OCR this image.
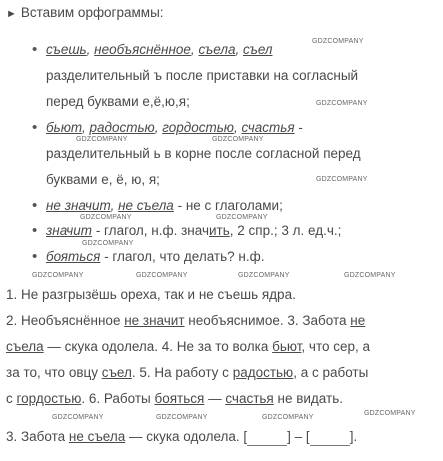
► Вставим орфограммы:
• съешь, необъяснённое, съела, съел
разделительный ъ после приставки на согласный
перед буквами е,ё,ю,я;
• бьют, радостью, гордостью, счастья -
разделительный ь в корне после согласной перед
буквами е, ё, ю, я;
• не значит, не съела - не с глаголами;
• значит - глагол, н.ф. значить, 2 спр.; 3 л. ед.ч.;
• бояться - глагол, что делать? н.ф.
1. Не разгрызёшь ореха, так и не съешь ядра.
2. Необъяснённое не значит необъяснимое. 3. Забота не
съела — скука одолела. 4. Не за то волка бьют, что сер, а
за то, что овцу съел. 5. На работу с радостью, а с работы
с гордостью. 6. Работы бояться — счастья не видать.
3. Забота не съела — скука одолела. [	] – [	].
GDZCOMPANY
GDZCOMPANY
GDZCOMPANY	GDZCOMPANY
GDZCOMPANY
GDZCOMPANY	GDZCOMPANY
GDZCOMPANY
GDZCOMPANY	GDZCOMPANY	GDZCOMPANY	GDZCOMPANY
GDZCOMPANY	GDZCOMPANY	GDZCOMPANY
GDZCOMPANY
